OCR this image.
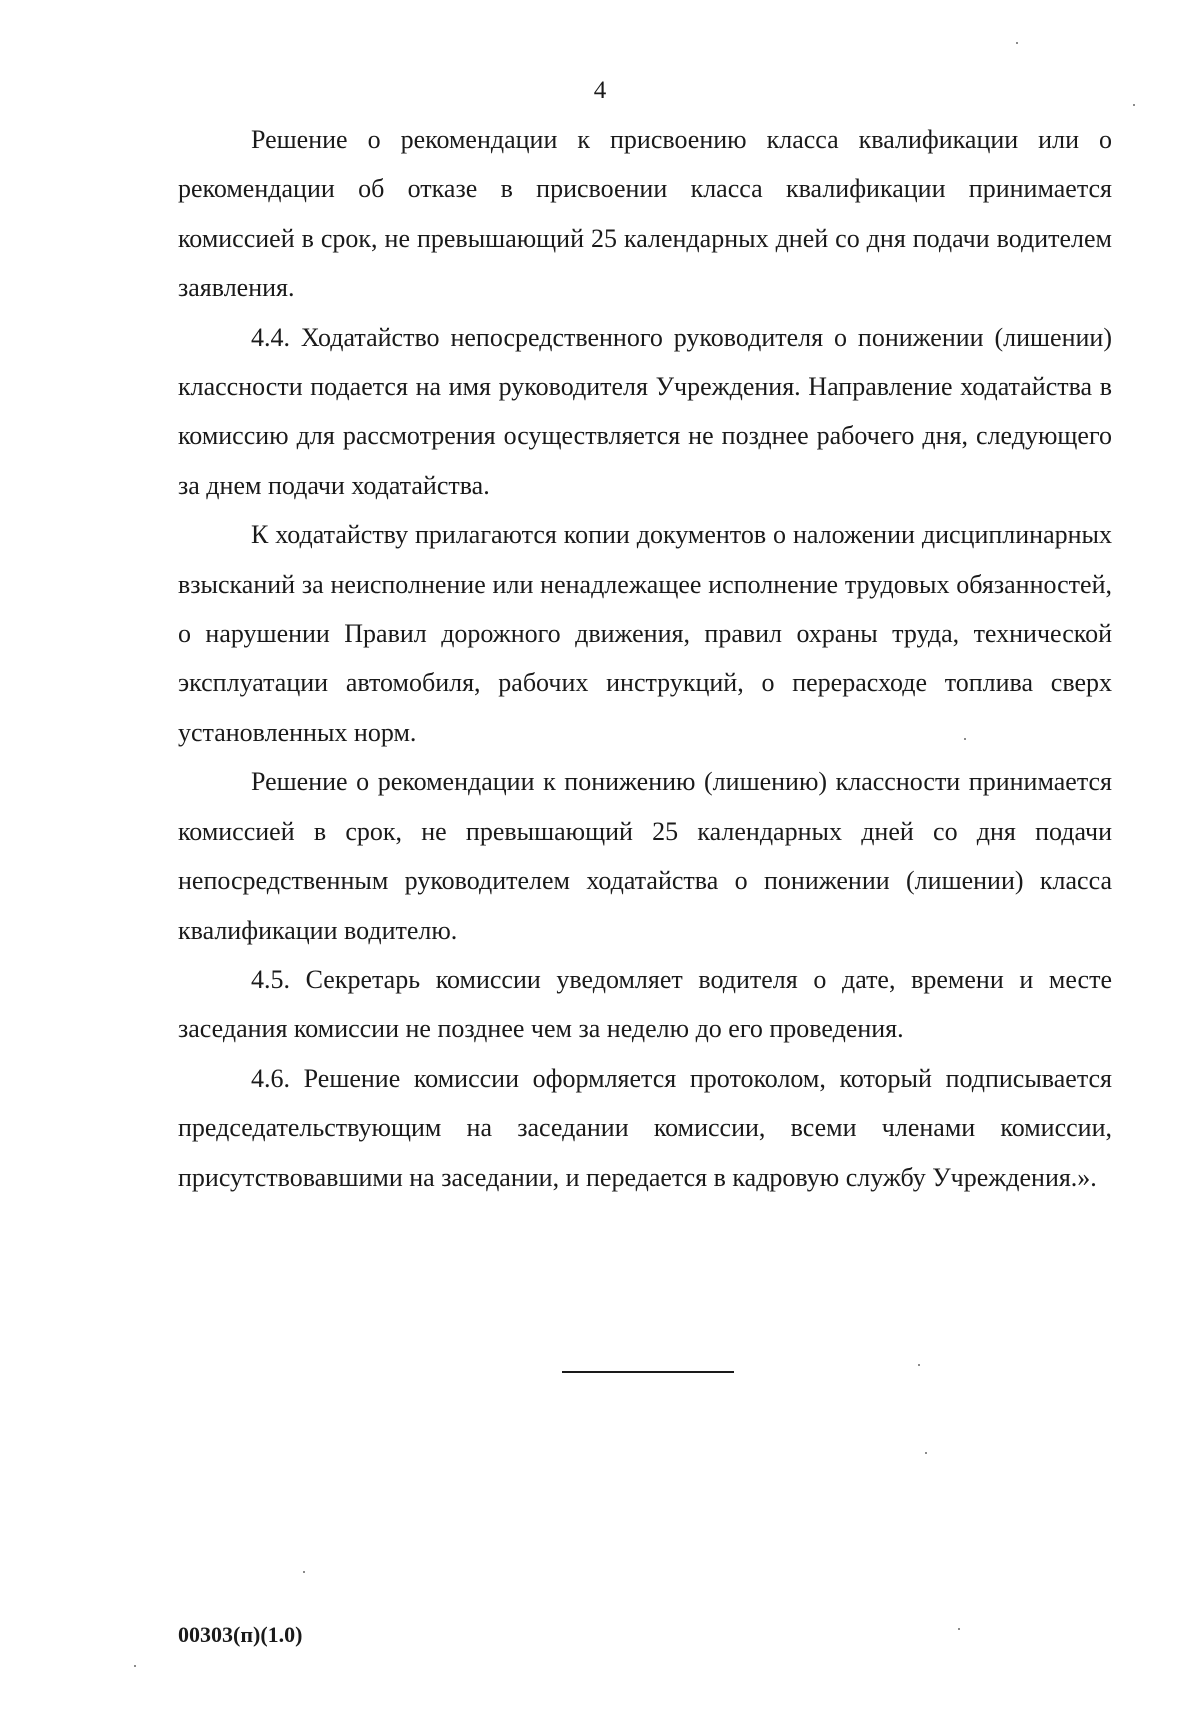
4

Решение о рекомендации к присвоению класса квалификации или о рекомендации об отказе в присвоении класса квалификации принимается комиссией в срок, не превышающий 25 календарных дней со дня подачи водителем заявления.

4.4. Ходатайство непосредственного руководителя о понижении (лишении) классности подается на имя руководителя Учреждения. Направление ходатайства в комиссию для рассмотрения осуществляется не позднее рабочего дня, следующего за днем подачи ходатайства.

К ходатайству прилагаются копии документов о наложении дисциплинарных взысканий за неисполнение или ненадлежащее исполнение трудовых обязанностей, о нарушении Правил дорожного движения, правил охраны труда, технической эксплуатации автомобиля, рабочих инструкций, о перерасходе топлива сверх установленных норм.

Решение о рекомендации к понижению (лишению) классности принимается комиссией в срок, не превышающий 25 календарных дней со дня подачи непосредственным руководителем ходатайства о понижении (лишении) класса квалификации водителю.

4.5. Секретарь комиссии уведомляет водителя о дате, времени и месте заседания комиссии не позднее чем за неделю до его проведения.

4.6. Решение комиссии оформляется протоколом, который подписывается председательствующим на заседании комиссии, всеми членами комиссии, присутствовавшими на заседании, и передается в кадровую службу Учреждения.».

00303(п)(1.0)
